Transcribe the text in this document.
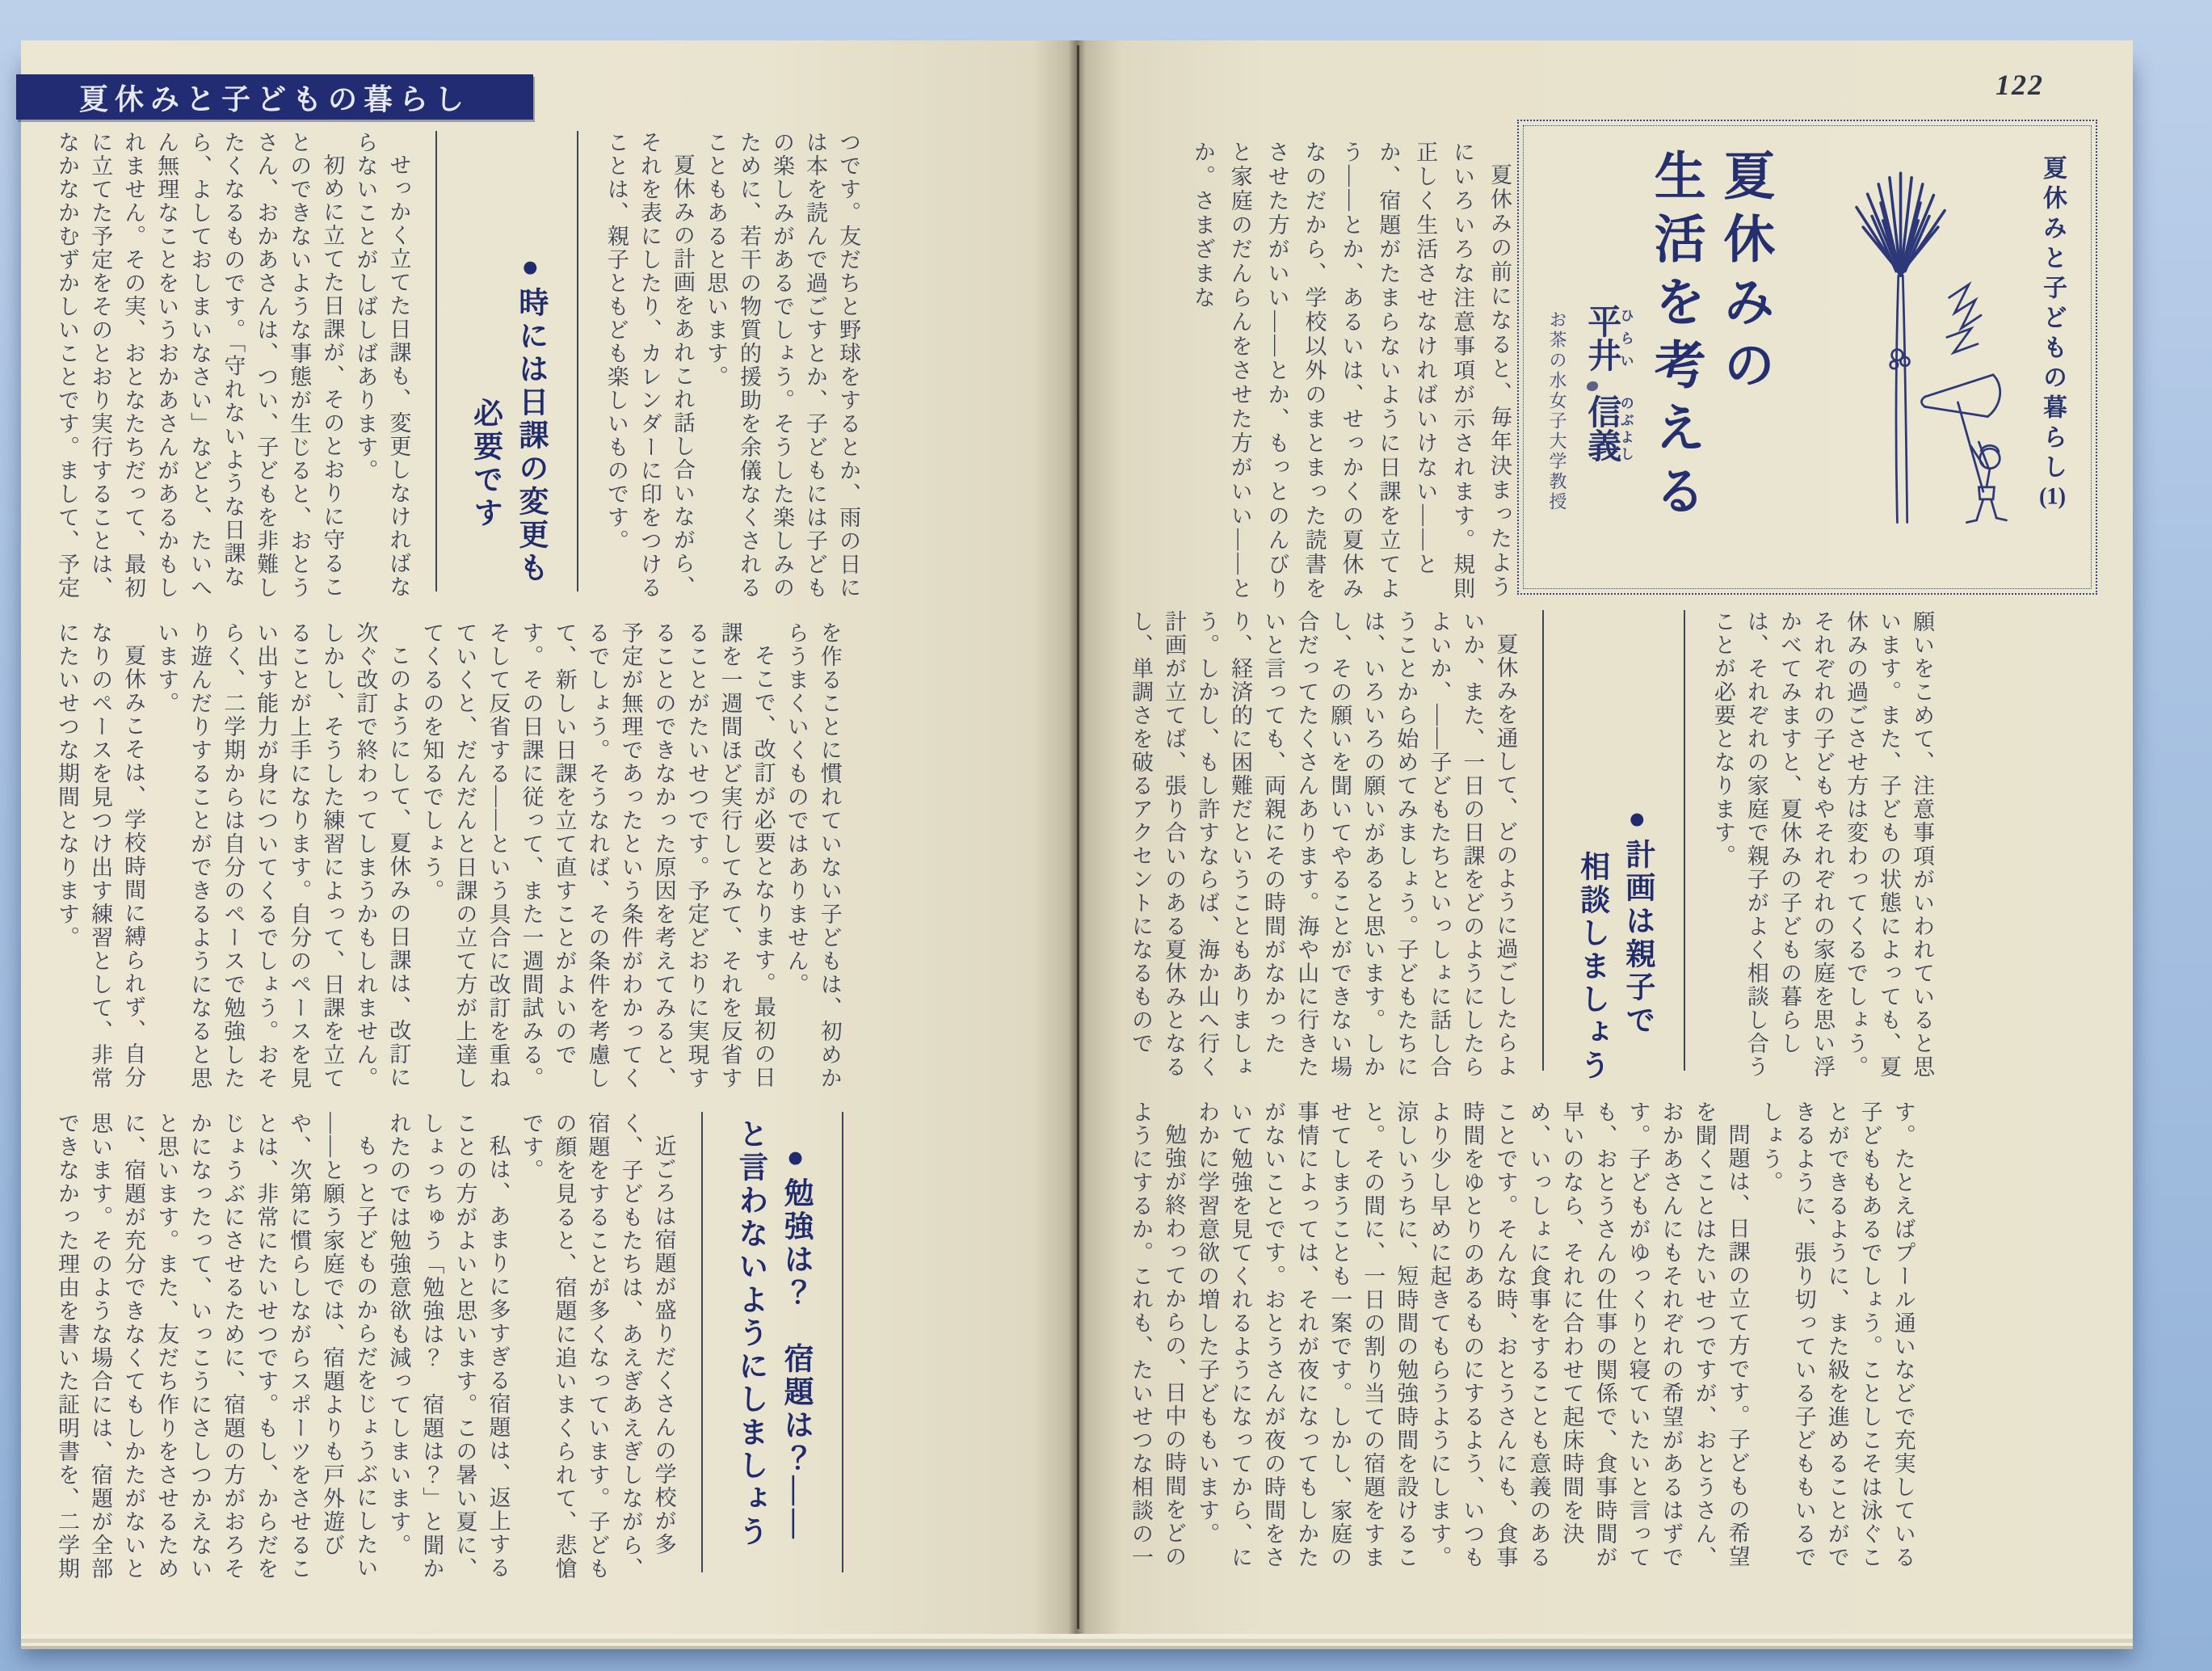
夏休みと子どもの暮らし

つです。友だちと野球をするとか、雨の日には本を読んで過ごすとか、子どもには子どもの楽しみがあるでしょう。そうした楽しみのために、若干の物質的援助を余儀なくされることもあると思います。

夏休みの計画をあれこれ話し合いながら、それを表にしたり、カレンダーに印をつけることは、親子ともども楽しいものです。

●時には日課の変更も
必要です

せっかく立てた日課も、変更しなければならないことがしばしばあります。

初めに立てた日課が、そのとおりに守ることのできないような事態が生じると、おとうさん、おかあさんは、つい、子どもを非難したくなるものです。「守れないような日課なら、よしておしまいなさい」などと、たいへん無理なことをいうおかあさんがあるかもしれません。その実、おとなたちだって、最初に立てた予定をそのとおり実行することは、なかなかむずかしいことです。まして、予定

を作ることに慣れていない子どもは、初めからうまくいくものではありません。

そこで、改訂が必要となります。最初の日課を一週間ほど実行してみて、それを反省することがたいせつです。予定どおりに実現することのできなかった原因を考えてみると、予定が無理であったという条件がわかってくるでしょう。そうなれば、その条件を考慮して、新しい日課を立て直すことがよいのです。その日課に従って、また一週間試みる。そして反省する——という具合に改訂を重ねていくと、だんだんと日課の立て方が上達してくるのを知るでしょう。

このようにして、夏休みの日課は、改訂に次ぐ改訂で終わってしまうかもしれません。しかし、そうした練習によって、日課を立てることが上手になります。自分のペースを見い出す能力が身についてくるでしょう。おそらく、二学期からは自分のペースで勉強したり遊んだりすることができるようになると思います。

夏休みこそは、学校時間に縛られず、自分なりのペースを見つけ出す練習として、非常にたいせつな期間となります。

●勉強は？　宿題は？——
と言わないようにしましょう

近ごろは宿題が盛りだくさんの学校が多く、子どもたちは、あえぎあえぎしながら、宿題をすることが多くなっています。子どもの顔を見ると、宿題に追いまくられて、悲愴です。

私は、あまりに多すぎる宿題は、返上することの方がよいと思います。この暑い夏に、しょっちゅう「勉強は？　宿題は？」と聞かれたのでは勉強意欲も減ってしまいます。

もっと子どものからだをじょうぶにしたい——と願う家庭では、宿題よりも戸外遊びや、次第に慣らしながらスポーツをさせることは、非常にたいせつです。もし、からだをじょうぶにさせるために、宿題の方がおろそかになったって、いっこうにさしつかえないと思います。また、友だち作りをさせるために、宿題が充分できなくてもしかたがないと思います。そのような場合には、宿題が全部できなかった理由を書いた証明書を、二学期

122

夏休みの前になると、毎年決まったようにいろいろな注意事項が示されます。規則正しく生活させなければいけない——とか、宿題がたまらないように日課を立てよう——とか、あるいは、せっかくの夏休みなのだから、学校以外のまとまった読書をさせた方がいい——とか、もっとのんびりと家庭のだんらんをさせた方がいい——とか。さまざまな	夏休みの
生活を考える
平井ひらい信義のぶよし
お茶の水女子大学教授	夏休みと子どもの暮らし(1)

願いをこめて、注意事項がいわれていると思います。また、子どもの状態によっても、夏休みの過ごさせ方は変わってくるでしょう。それぞれの子どもやそれぞれの家庭を思い浮かべてみますと、夏休みの子どもの暮らしは、それぞれの家庭で親子がよく相談し合うことが必要となります。

●計画は親子で
相談しましょう

夏休みを通して、どのように過ごしたらよいか、また、一日の日課をどのようにしたらよいか、——子どもたちといっしょに話し合うことから始めてみましょう。子どもたちには、いろいろの願いがあると思います。しかし、その願いを聞いてやることができない場合だってたくさんあります。海や山に行きたいと言っても、両親にその時間がなかったり、経済的に困難だということもありましょう。しかし、もし許すならば、海か山へ行く計画が立てば、張り合いのある夏休みとなるし、単調さを破るアクセントになるもので

す。たとえばプール通いなどで充実している子どももあるでしょう。ことしこそは泳ぐことができるように、また級を進めることができるように、張り切っている子どももいるでしょう。

問題は、日課の立て方です。子どもの希望を聞くことはたいせつですが、おとうさん、おかあさんにもそれぞれの希望があるはずです。子どもがゆっくりと寝ていたいと言っても、おとうさんの仕事の関係で、食事時間が早いのなら、それに合わせて起床時間を決め、いっしょに食事をすることも意義のあることです。そんな時、おとうさんにも、食事時間をゆとりのあるものにするよう、いつもより少し早めに起きてもらうようにします。涼しいうちに、短時間の勉強時間を設けること。その間に、一日の割り当ての宿題をすませてしまうことも一案です。しかし、家庭の事情によっては、それが夜になってもしかたがないことです。おとうさんが夜の時間をさいて勉強を見てくれるようになってから、にわかに学習意欲の増した子どももいます。

勉強が終わってからの、日中の時間をどのようにするか。これも、たいせつな相談の一
